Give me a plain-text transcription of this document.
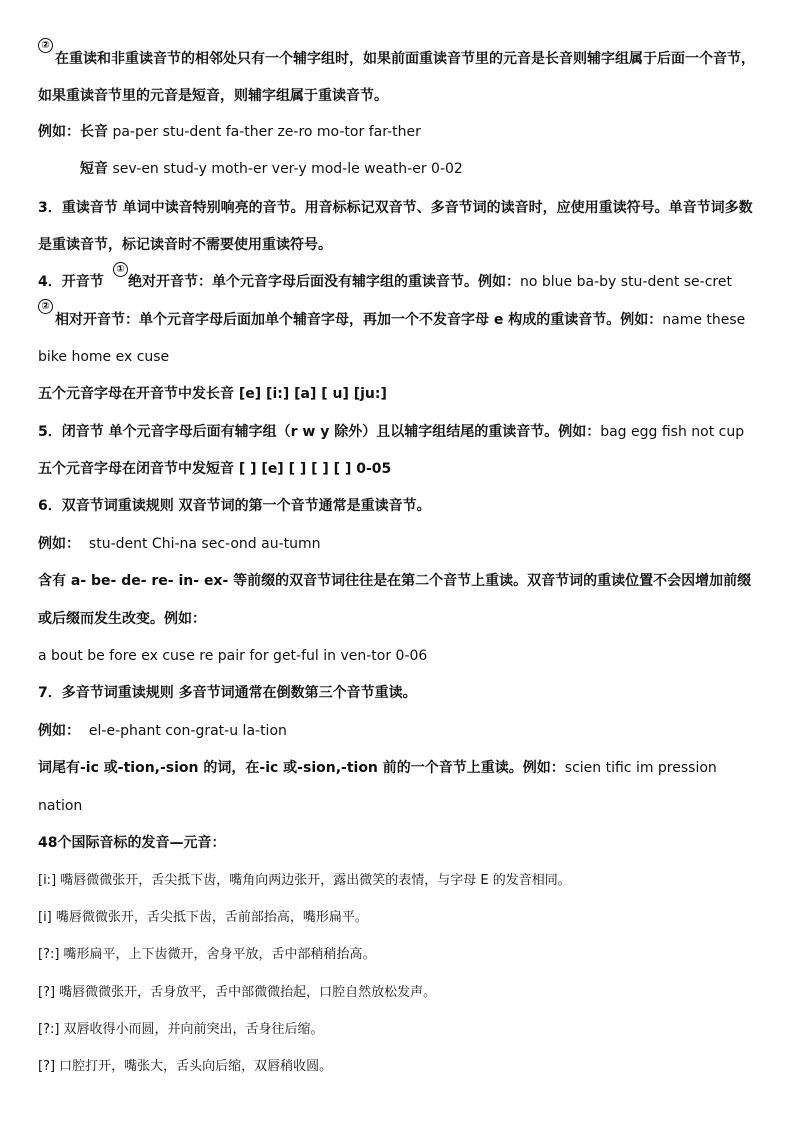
②
在重读和非重读音节的相邻处只有一个辅字组时，如果前面重读音节里的元音是长音则辅字组属于后面一个音节，
如果重读音节里的元音是短音，则辅字组属于重读音节。
例如：长音 pa-per stu-dent fa-ther ze-ro mo-tor far-ther
短音 sev-en stud-y moth-er ver-y mod-le weath-er 0-02
3．重读音节 单词中读音特别响亮的音节。用音标标记双音节、多音节词的读音时，应使用重读符号。单音节词多数
是重读音节，标记读音时不需要使用重读符号。
4．开音节
①
绝对开音节：单个元音字母后面没有辅字组的重读音节。例如：no blue ba-by stu-dent se-cret
②
相对开音节：单个元音字母后面加单个辅音字母，再加一个不发音字母 e 构成的重读音节。例如：name these
bike home ex cuse
五个元音字母在开音节中发长音 [e] [i:] [a] [ u] [ju:]
5．闭音节 单个元音字母后面有辅字组（r w y 除外）且以辅字组结尾的重读音节。例如：bag egg fish not cup
五个元音字母在闭音节中发短音 [ ] [e] [ ] [ ] [ ] 0-05
6．双音节词重读规则 双音节词的第一个音节通常是重读音节。
例如： stu-dent Chi-na sec-ond au-tumn
含有 a- be- de- re- in- ex- 等前缀的双音节词往往是在第二个音节上重读。双音节词的重读位置不会因增加前缀
或后缀而发生改变。例如：
a bout be fore ex cuse re pair for get-ful in ven-tor 0-06
7．多音节词重读规则 多音节词通常在倒数第三个音节重读。
例如： el-e-phant con-grat-u la-tion
词尾有-ic 或-tion,-sion 的词，在-ic 或-sion,-tion 前的一个音节上重读。例如：scien tific im pression
nation
48个国际音标的发音—元音：
[i:] 嘴唇微微张开，舌尖抵下齿，嘴角向两边张开，露出微笑的表情，与字母 E 的发音相同。
[i] 嘴唇微微张开，舌尖抵下齿，舌前部抬高，嘴形扁平。
[?:] 嘴形扁平，上下齿微开，舍身平放，舌中部稍稍抬高。
[?] 嘴唇微微张开，舌身放平，舌中部微微抬起，口腔自然放松发声。
[?:] 双唇收得小而圆，并向前突出，舌身往后缩。
[?] 口腔打开，嘴张大，舌头向后缩，双唇稍收圆。
